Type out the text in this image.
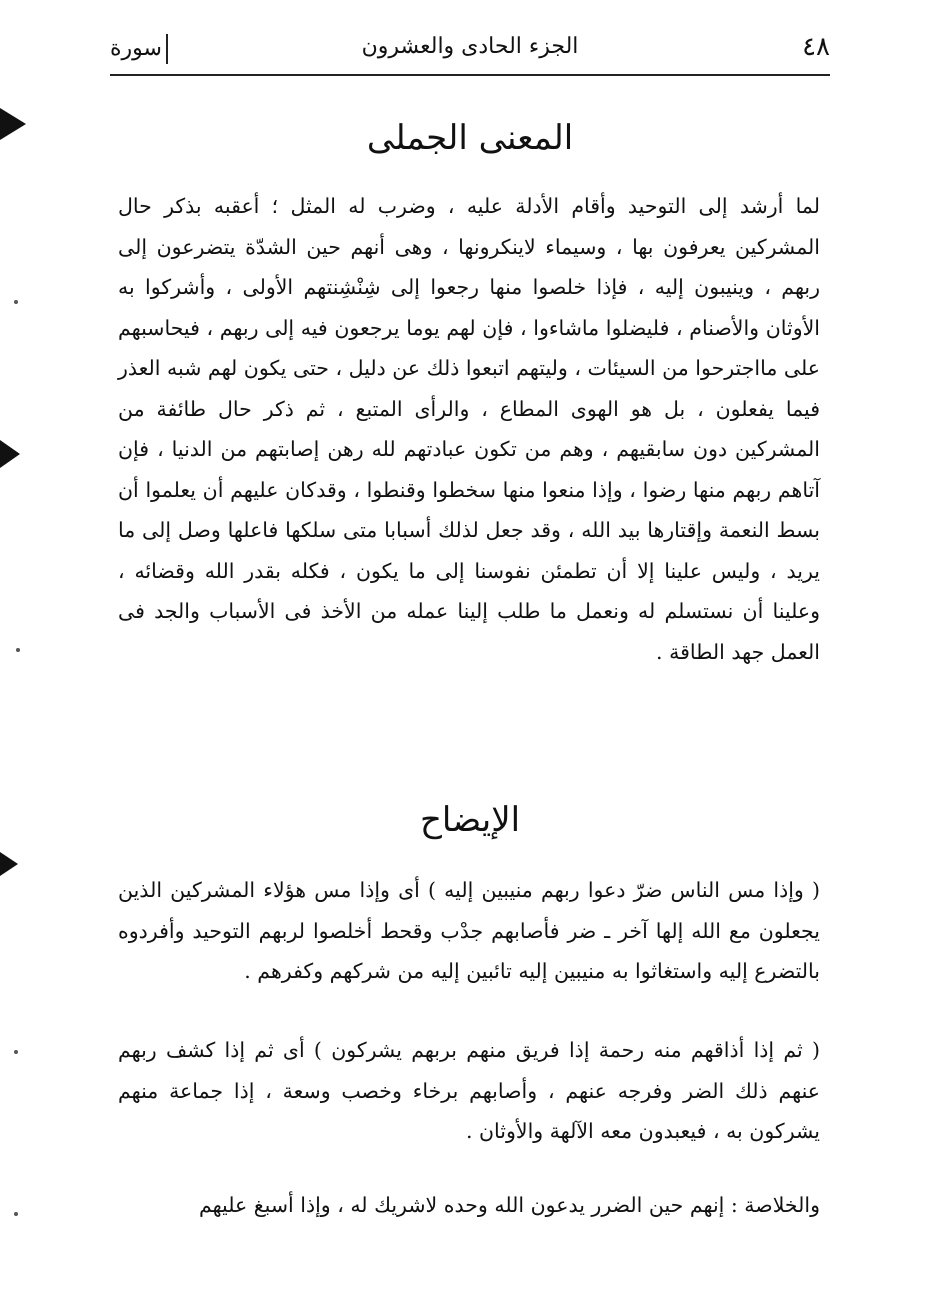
٤٨
الجزء الحادى والعشرون
سورة
المعنى الجملى
لما أرشد إلى التوحيد وأقام الأدلة عليه ، وضرب له المثل ؛ أعقبه بذكر حال المشركين يعرفون بها ، وسيماء لاينكرونها ، وهى أنهم حين الشدّة يتضرعون إلى ربهم ، وينيبون إليه ، فإذا خلصوا منها رجعوا إلى شِنْشِنتهم الأولى ، وأشركوا به الأوثان والأصنام ، فليضلوا ماشاءوا ، فإن لهم يوما يرجعون فيه إلى ربهم ، فيحاسبهم على مااجترحوا من السيئات ، وليتهم اتبعوا ذلك عن دليل ، حتى يكون لهم شبه العذر فيما يفعلون ، بل هو الهوى المطاع ، والرأى المتبع ، ثم ذكر حال طائفة من المشركين دون سابقيهم ، وهم من تكون عبادتهم لله رهن إصابتهم من الدنيا ، فإن آتاهم ربهم منها رضوا ، وإذا منعوا منها سخطوا وقنطوا ، وقدكان عليهم أن يعلموا أن بسط النعمة وإقتارها بيد الله ، وقد جعل لذلك أسبابا متى سلكها فاعلها وصل إلى ما يريد ، وليس علينا إلا أن تطمئن نفوسنا إلى ما يكون ، فكله بقدر الله وقضائه ، وعلينا أن نستسلم له ونعمل ما طلب إلينا عمله من الأخذ فى الأسباب والجد فى العمل جهد الطاقة .
الإيضاح
( وإذا مس الناس ضرّ دعوا ربهم منيبين إليه ) أى وإذا مس هؤلاء المشركين الذين يجعلون مع الله إلها آخر ـ ضر فأصابهم جدْب وقحط أخلصوا لربهم التوحيد وأفردوه بالتضرع إليه واستغاثوا به منيبين إليه تائبين إليه من شركهم وكفرهم .
( ثم إذا أذاقهم منه رحمة إذا فريق منهم بربهم يشركون ) أى ثم إذا كشف ربهم عنهم ذلك الضر وفرجه عنهم ، وأصابهم برخاء وخصب وسعة ، إذا جماعة منهم يشركون به ، فيعبدون معه الآلهة والأوثان .
والخلاصة : إنهم حين الضرر يدعون الله وحده لاشريك له ، وإذا أسبغ عليهم
